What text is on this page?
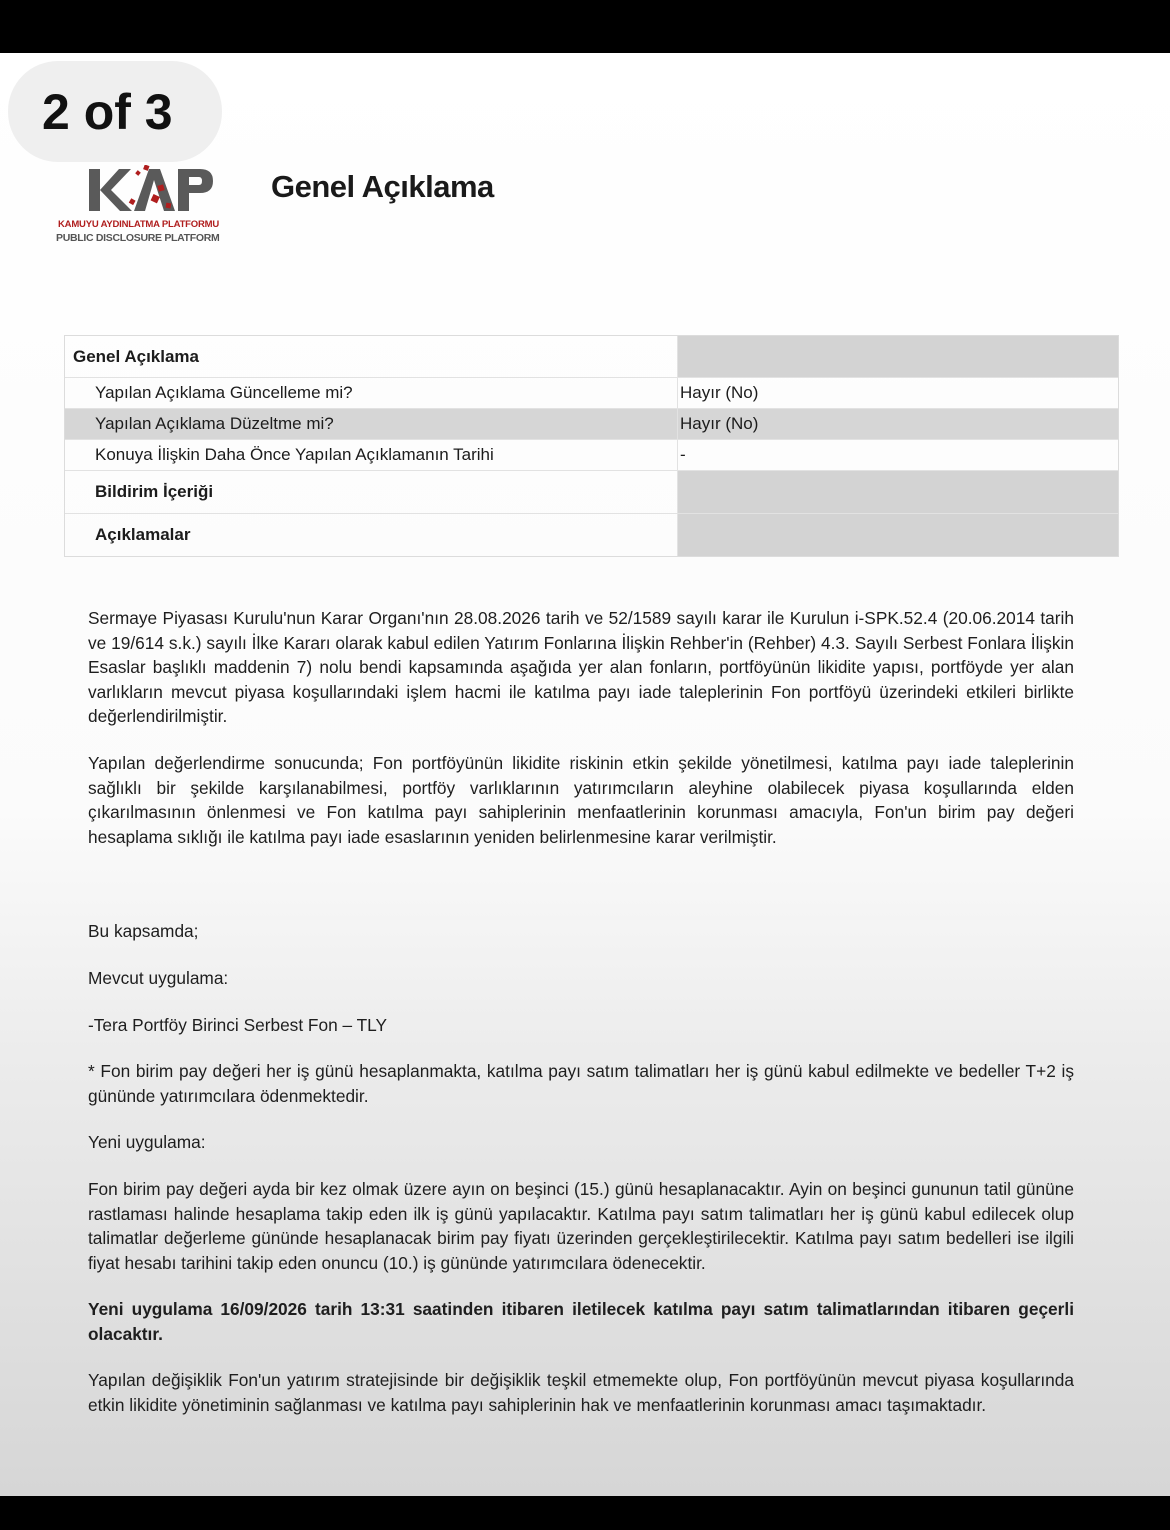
2 of 3
KAMUYU AYDINLATMA PLATFORMU
PUBLIC DISCLOSURE PLATFORM
Genel Açıklama
Genel Açıklama
Yapılan Açıklama Güncelleme mi?	Hayır (No)
Yapılan Açıklama Düzeltme mi?	Hayır (No)
Konuya İlişkin Daha Önce Yapılan Açıklamanın Tarihi	-
Bildirim İçeriği
Açıklamalar

Sermaye Piyasası Kurulu'nun Karar Organı'nın 28.08.2026 tarih ve 52/1589 sayılı karar ile Kurulun i-SPK.52.4 (20.06.2014 tarih ve 19/614 s.k.) sayılı İlke Kararı olarak kabul edilen Yatırım Fonlarına İlişkin Rehber'in (Rehber) 4.3. Sayılı Serbest Fonlara İlişkin Esaslar başlıklı maddenin 7) nolu bendi kapsamında aşağıda yer alan fonların, portföyünün likidite yapısı, portföyde yer alan varlıkların mevcut piyasa koşullarındaki işlem hacmi ile katılma payı iade taleplerinin Fon portföyü üzerindeki etkileri birlikte değerlendirilmiştir.

Yapılan değerlendirme sonucunda; Fon portföyünün likidite riskinin etkin şekilde yönetilmesi, katılma payı iade taleplerinin sağlıklı bir şekilde karşılanabilmesi, portföy varlıklarının yatırımcıların aleyhine olabilecek piyasa koşullarında elden çıkarılmasının önlenmesi ve Fon katılma payı sahiplerinin menfaatlerinin korunması amacıyla, Fon'un birim pay değeri hesaplama sıklığı ile katılma payı iade esaslarının yeniden belirlenmesine karar verilmiştir.

Bu kapsamda;

Mevcut uygulama:

-Tera Portföy Birinci Serbest Fon – TLY

* Fon birim pay değeri her iş günü hesaplanmakta, katılma payı satım talimatları her iş günü kabul edilmekte ve bedeller T+2 iş gününde yatırımcılara ödenmektedir.

Yeni uygulama:

Fon birim pay değeri ayda bir kez olmak üzere ayın on beşinci (15.) günü hesaplanacaktır. Ayin on beşinci gununun tatil gününe rastlaması halinde hesaplama takip eden ilk iş günü yapılacaktır. Katılma payı satım talimatları her iş günü kabul edilecek olup talimatlar değerleme gününde hesaplanacak birim pay fiyatı üzerinden gerçekleştirilecektir. Katılma payı satım bedelleri ise ilgili fiyat hesabı tarihini takip eden onuncu (10.) iş gününde yatırımcılara ödenecektir.

Yeni uygulama 16/09/2026 tarih 13:31 saatinden itibaren iletilecek katılma payı satım talimatlarından itibaren geçerli olacaktır.

Yapılan değişiklik Fon'un yatırım stratejisinde bir değişiklik teşkil etmemekte olup, Fon portföyünün mevcut piyasa koşullarında etkin likidite yönetiminin sağlanması ve katılma payı sahiplerinin hak ve menfaatlerinin korunması amacı taşımaktadır.
